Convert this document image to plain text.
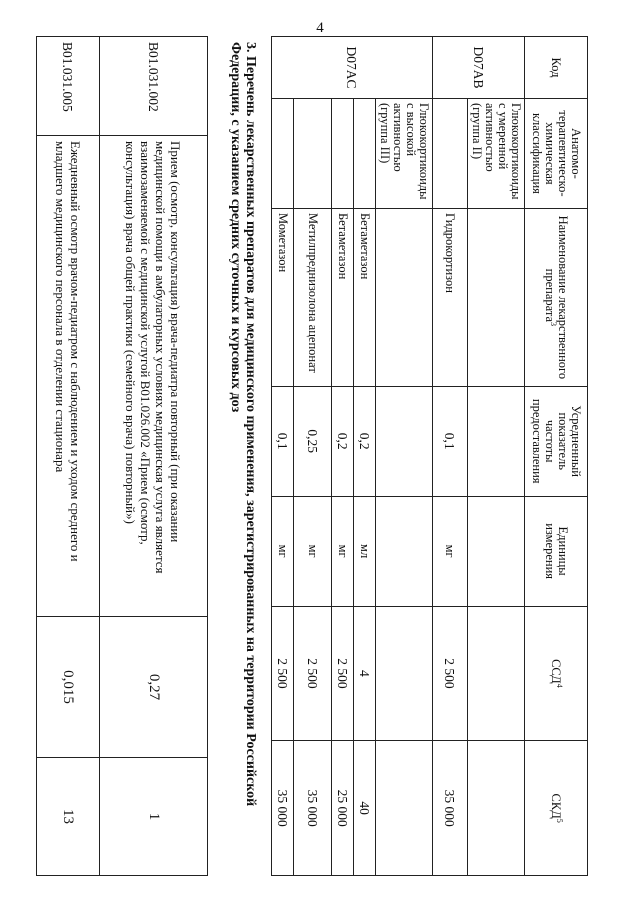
4
Код	Анатомо-терапевтическо-химическая классификация	Наименование лекарственного препарата$^3$	Усредненный показатель частоты предоставления	Единицы измерения	ССД$^4$	СКД$^5$
D07AB	Глюкокортикоиды с умеренной активностью (группа II)					
		Гидрокортизон	0,1	мг	2 500	35 000
D07AC	Глюкокортикоиды с высокой активностью (группа III)					
		Бетаметазон	0,2	мл	4	40
		Бетаметазон	0,2	мг	2 500	25 000
		Метилпреднизолона ацепонат	0,25	мг	2 500	35 000
		Мометазон	0,1	мг	2 500	35 000
3. Перечень лекарственных препаратов для медицинского применения, зарегистрированных на территории Российской Федерации, с указанием средних суточных и курсовых доз
B01.031.002	Прием (осмотр, консультация) врача-педиатра повторный (при оказании медицинской помощи в амбулаторных условиях медицинская услуга является взаимозаменяемой с медицинской услугой B01.026.002 «Прием (осмотр, консультация) врача общей практики (семейного врача) повторный»)	0,27	1
B01.031.005	Ежедневный осмотр врачом-педиатром с наблюдением и уходом среднего и младшего медицинского персонала в отделении стационара	0,015	13
